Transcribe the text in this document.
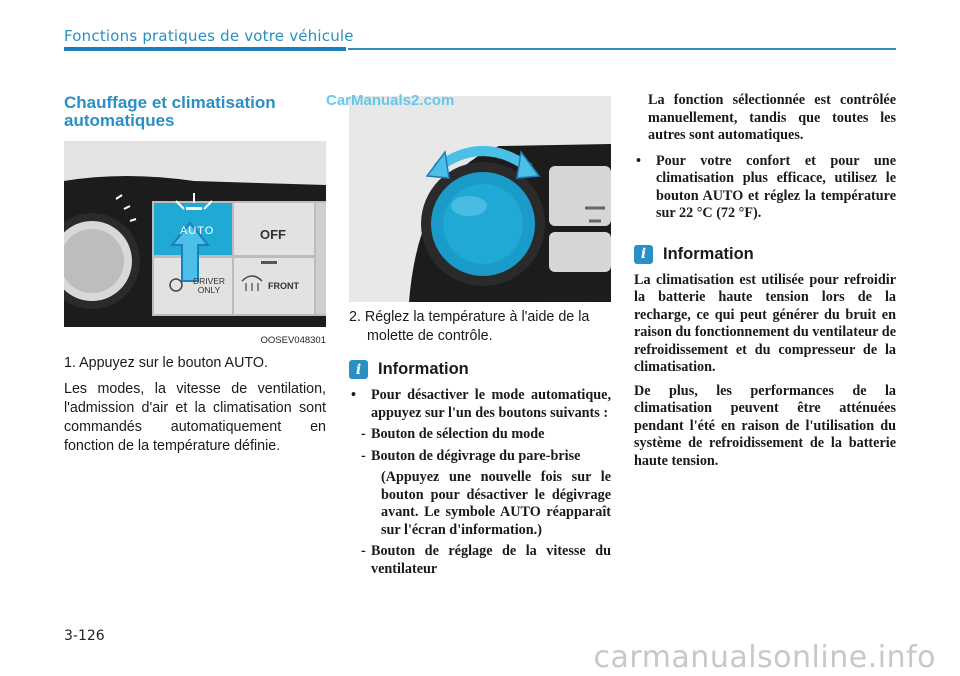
Fonctions pratiques de votre véhicule
Chauffage et climatisation automatiques
CarManuals2.com
AUTO	OFF
DRIVER ONLY	FRONT
OOSEV048301
OOSEV048302

1. Appuyez sur le bouton AUTO.

Les modes, la vitesse de ventilation, l'admission d'air et la climatisation sont commandés automatiquement en fonction de la température définie.

2. Réglez la température à l'aide de la molette de contrôle.

i	Information

• Pour désactiver le mode automatique, appuyez sur l'un des boutons suivants :

- Bouton de sélection du mode

- Bouton de dégivrage du pare-brise

(Appuyez une nouvelle fois sur le bouton pour désactiver le dégivrage avant. Le symbole AUTO réapparaît sur l'écran d'information.)

- Bouton de réglage de la vitesse du ventilateur

La fonction sélectionnée est contrôlée manuellement, tandis que toutes les autres sont automatiques.

• Pour votre confort et pour une climatisation plus efficace, utilisez le bouton AUTO et réglez la température sur 22 °C (72 °F).

i	Information

La climatisation est utilisée pour refroidir la batterie haute tension lors de la recharge, ce qui peut générer du bruit en raison du fonctionnement du ventilateur de refroidissement et du compresseur de la climatisation.

De plus, les performances de la climatisation peuvent être atténuées pendant l'été en raison de l'utilisation du système de refroidissement de la batterie haute tension.

3-126
carmanualsonline.info
